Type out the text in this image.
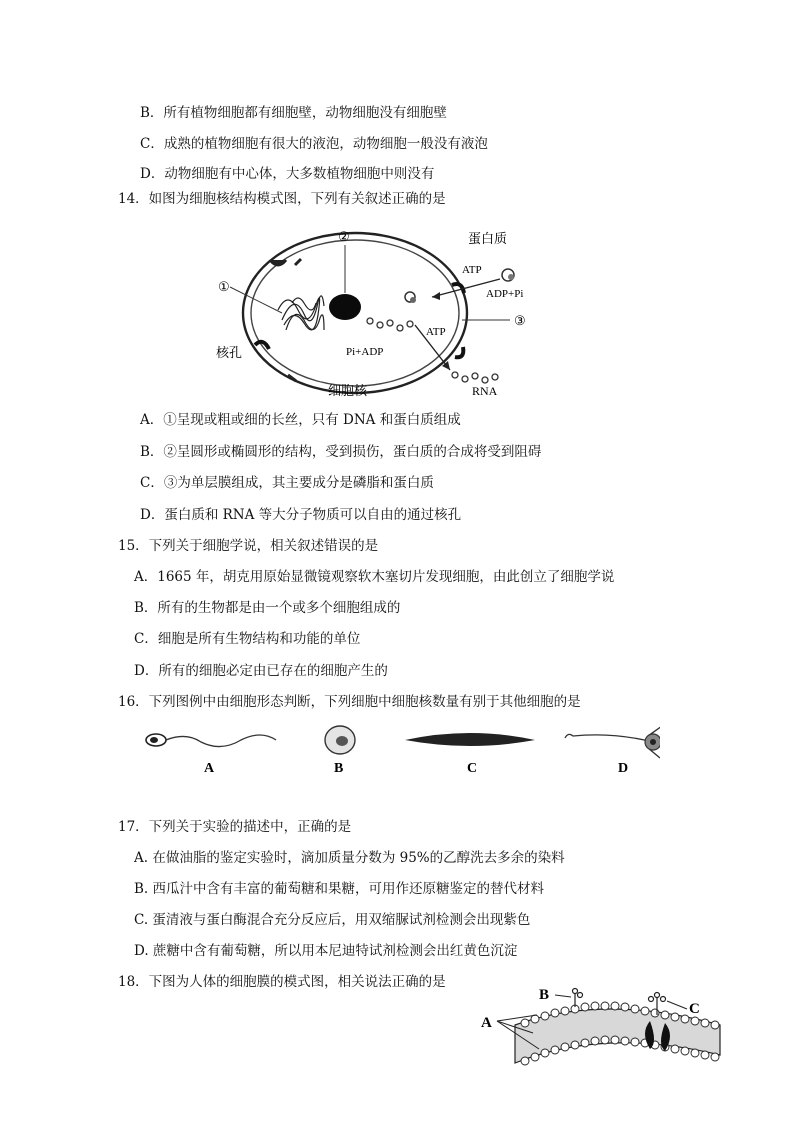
B．所有植物细胞都有细胞壁，动物细胞没有细胞壁
C．成熟的植物细胞有很大的液泡，动物细胞一般没有液泡
D．动物细胞有中心体，大多数植物细胞中则没有
14．如图为细胞核结构模式图，下列有关叙述正确的是
①
②
③
蛋白质
ATP
ADP+Pi
ATP
Pi+ADP
核孔
细胞核	RNA
A．①呈现或粗或细的长丝，只有 DNA 和蛋白质组成
B．②呈圆形或椭圆形的结构，受到损伤，蛋白质的合成将受到阻碍
C．③为单层膜组成，其主要成分是磷脂和蛋白质
D．蛋白质和 RNA 等大分子物质可以自由的通过核孔
15．下列关于细胞学说，相关叙述错误的是
A．1665 年，胡克用原始显微镜观察软木塞切片发现细胞，由此创立了细胞学说
B．所有的生物都是由一个或多个细胞组成的
C．细胞是所有生物结构和功能的单位
D．所有的细胞必定由已存在的细胞产生的
16．下列图例中由细胞形态判断，下列细胞中细胞核数量有别于其他细胞的是
A	B	C	D
17．下列关于实验的描述中，正确的是
A. 在做油脂的鉴定实验时，滴加质量分数为 95%的乙醇洗去多余的染料
B. 西瓜汁中含有丰富的葡萄糖和果糖，可用作还原糖鉴定的替代材料
C. 蛋清液与蛋白酶混合充分反应后，用双缩脲试剂检测会出现紫色
D. 蔗糖中含有葡萄糖，所以用本尼迪特试剂检测会出红黄色沉淀
18．下图为人体的细胞膜的模式图，相关说法正确的是
A
B
C
